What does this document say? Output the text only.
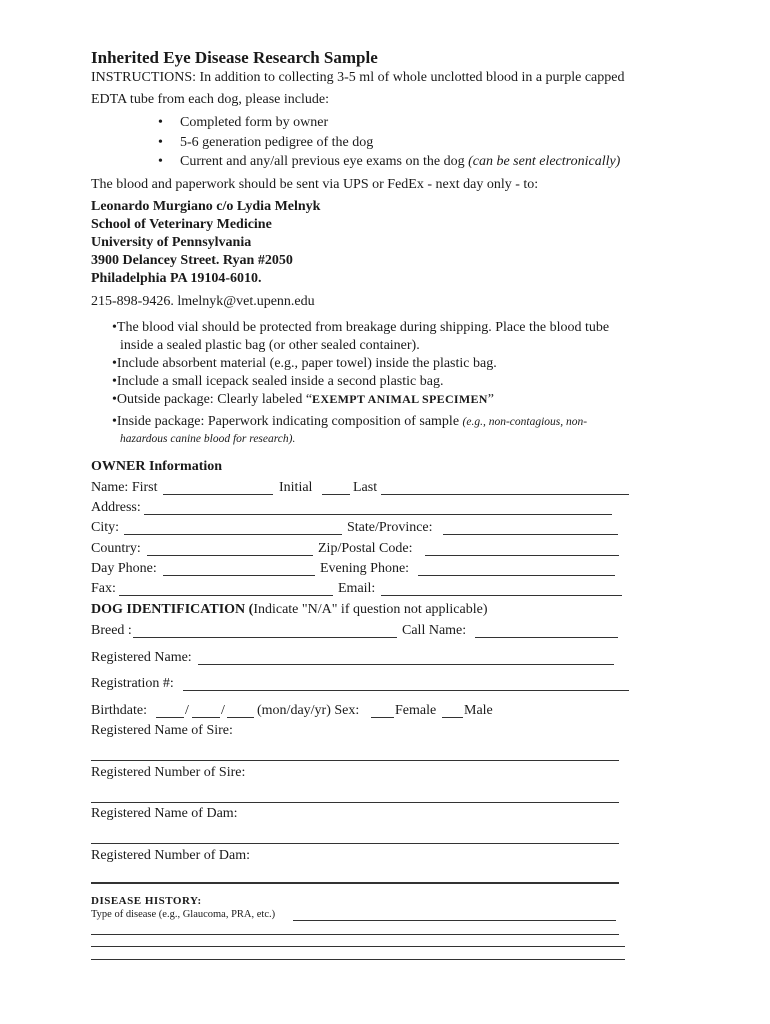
Inherited Eye Disease Research Sample
INSTRUCTIONS: In addition to collecting 3-5 ml of whole unclotted blood in a purple capped
EDTA tube from each dog, please include:
• Completed form by owner
• 5-6 generation pedigree of the dog
• Current and any/all previous eye exams on the dog (can be sent electronically)
The blood and paperwork should be sent via UPS or FedEx - next day only - to:
Leonardo Murgiano c/o Lydia Melnyk
School of Veterinary Medicine
University of Pennsylvania
3900 Delancey Street. Ryan #2050
Philadelphia PA 19104-6010.
215-898-9426. lmelnyk@vet.upenn.edu
•The blood vial should be protected from breakage during shipping. Place the blood tube
inside a sealed plastic bag (or other sealed container).
•Include absorbent material (e.g., paper towel) inside the plastic bag.
•Include a small icepack sealed inside a second plastic bag.
•Outside package: Clearly labeled “EXEMPT ANIMAL SPECIMEN”
•Inside package: Paperwork indicating composition of sample (e.g., non-contagious, non-
hazardous canine blood for research).
OWNER Information
Name: First	Initial	Last
Address:
City:	State/Province:
Country:	Zip/Postal Code:
Day Phone:	Evening Phone:
Fax:	Email:
DOG IDENTIFICATION (Indicate "N/A" if question not applicable)
Breed :	Call Name:
Registered Name:
Registration #:
Birthdate:	/ / (mon/day/yr) Sex:	Female Male
Registered Name of Sire:
Registered Number of Sire:
Registered Name of Dam:
Registered Number of Dam:
DISEASE HISTORY:
Type of disease (e.g., Glaucoma, PRA, etc.)
